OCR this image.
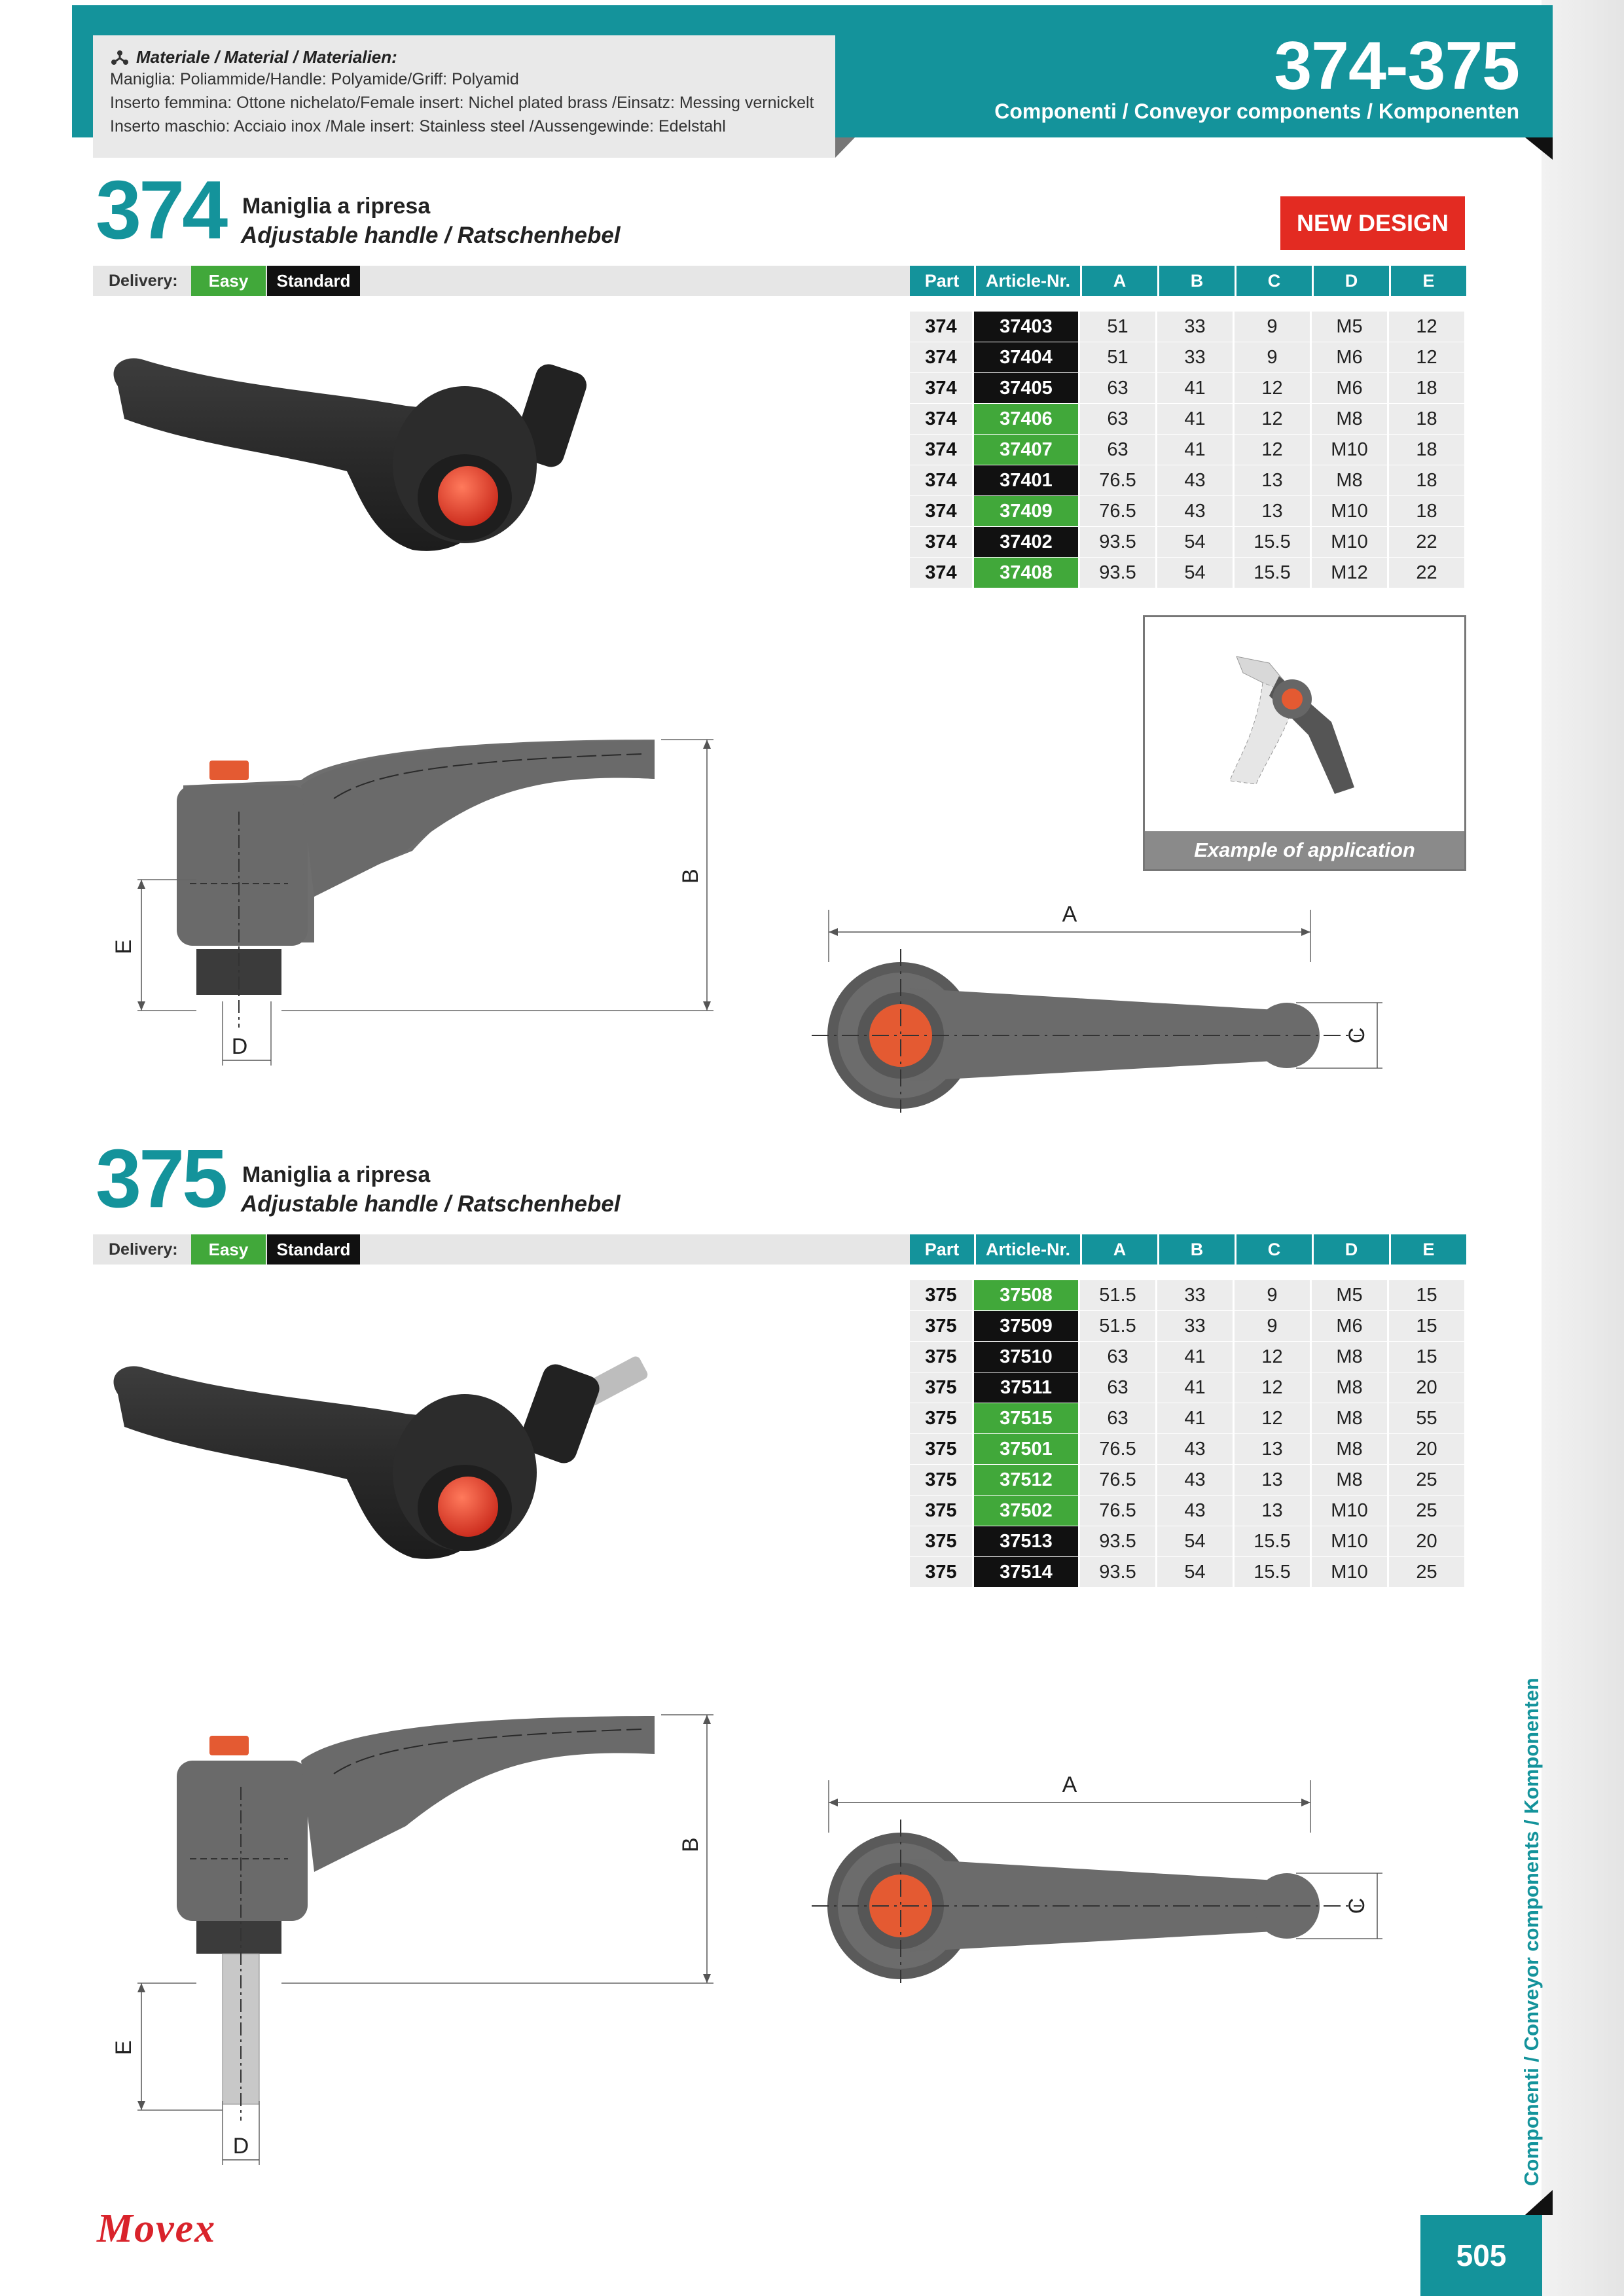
Componenti / Conveyor components / Komponenten
Materiale / Material / Materialien:
Maniglia: Poliammide/Handle: Polyamide/Griff: Polyamid
Inserto femmina: Ottone nichelato/Female insert: Nichel plated brass /Einsatz: Messing vernickelt
Inserto maschio: Acciaio inox /Male insert: Stainless steel /Aussengewinde: Edelstahl
374-375
Componenti / Conveyor components / Komponenten
374 Maniglia a ripresa
Adjustable handle / Ratschenhebel	NEW DESIGN
Delivery:	Easy	Standard	Part	Article-Nr.	A	B	C	D	E
374	37403	51	33	9	M5	12
374	37404	51	33	9	M6	12
374	37405	63	41	12	M6	18
374	37406	63	41	12	M8	18
374	37407	63	41	12	M10	18
374	37401	76.5	43	13	M8	18
374	37409	76.5	43	13	M10	18
374	37402	93.5	54	15.5	M10	22
374	37408	93.5	54	15.5	M12	22
Example of application
B
E
D
A
C
375 Maniglia a ripresa
Adjustable handle / Ratschenhebel
Delivery:	Easy	Standard	Part	Article-Nr.	A	B	C	D	E
375	37508	51.5	33	9	M5	15
375	37509	51.5	33	9	M6	15
375	37510	63	41	12	M8	15
375	37511	63	41	12	M8	20
375	37515	63	41	12	M8	55
375	37501	76.5	43	13	M8	20
375	37512	76.5	43	13	M8	25
375	37502	76.5	43	13	M10	25
375	37513	93.5	54	15.5	M10	20
375	37514	93.5	54	15.5	M10	25
B
E
D
A
C
Movex
505
